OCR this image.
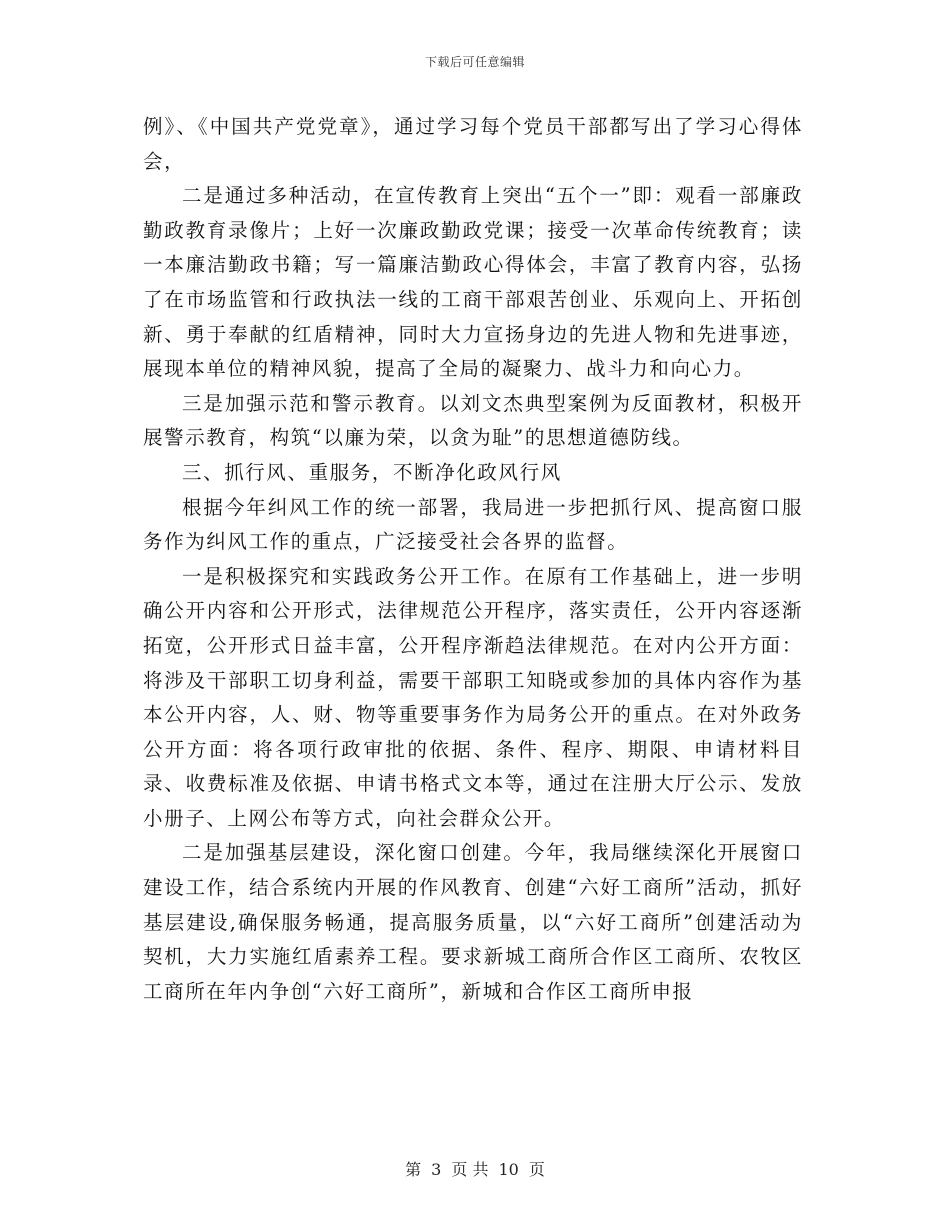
下载后可任意编辑

例》、《中国共产党党章》，通过学习每个党员干部都写出了学习心得体会，

二是通过多种活动，在宣传教育上突出“五个一”即：观看一部廉政勤政教育录像片；上好一次廉政勤政党课；接受一次革命传统教育；读一本廉洁勤政书籍；写一篇廉洁勤政心得体会，丰富了教育内容，弘扬了在市场监管和行政执法一线的工商干部艰苦创业、乐观向上、开拓创新、勇于奉献的红盾精神，同时大力宣扬身边的先进人物和先进事迹，展现本单位的精神风貌，提高了全局的凝聚力、战斗力和向心力。

三是加强示范和警示教育。以刘文杰典型案例为反面教材，积极开展警示教育，构筑“以廉为荣，以贪为耻”的思想道德防线。

三、抓行风、重服务，不断净化政风行风

根据今年纠风工作的统一部署，我局进一步把抓行风、提高窗口服务作为纠风工作的重点，广泛接受社会各界的监督。

一是积极探究和实践政务公开工作。在原有工作基础上，进一步明确公开内容和公开形式，法律规范公开程序，落实责任，公开内容逐渐拓宽，公开形式日益丰富，公开程序渐趋法律规范。在对内公开方面：将涉及干部职工切身利益，需要干部职工知晓或参加的具体内容作为基本公开内容，人、财、物等重要事务作为局务公开的重点。在对外政务公开方面：将各项行政审批的依据、条件、程序、期限、申请材料目录、收费标准及依据、申请书格式文本等，通过在注册大厅公示、发放小册子、上网公布等方式，向社会群众公开。

二是加强基层建设，深化窗口创建。今年，我局继续深化开展窗口建设工作，结合系统内开展的作风教育、创建“六好工商所”活动，抓好基层建设,确保服务畅通，提高服务质量，以“六好工商所”创建活动为契机，大力实施红盾素养工程。要求新城工商所合作区工商所、农牧区工商所在年内争创“六好工商所”，新城和合作区工商所申报

第 3 页 共 10 页
